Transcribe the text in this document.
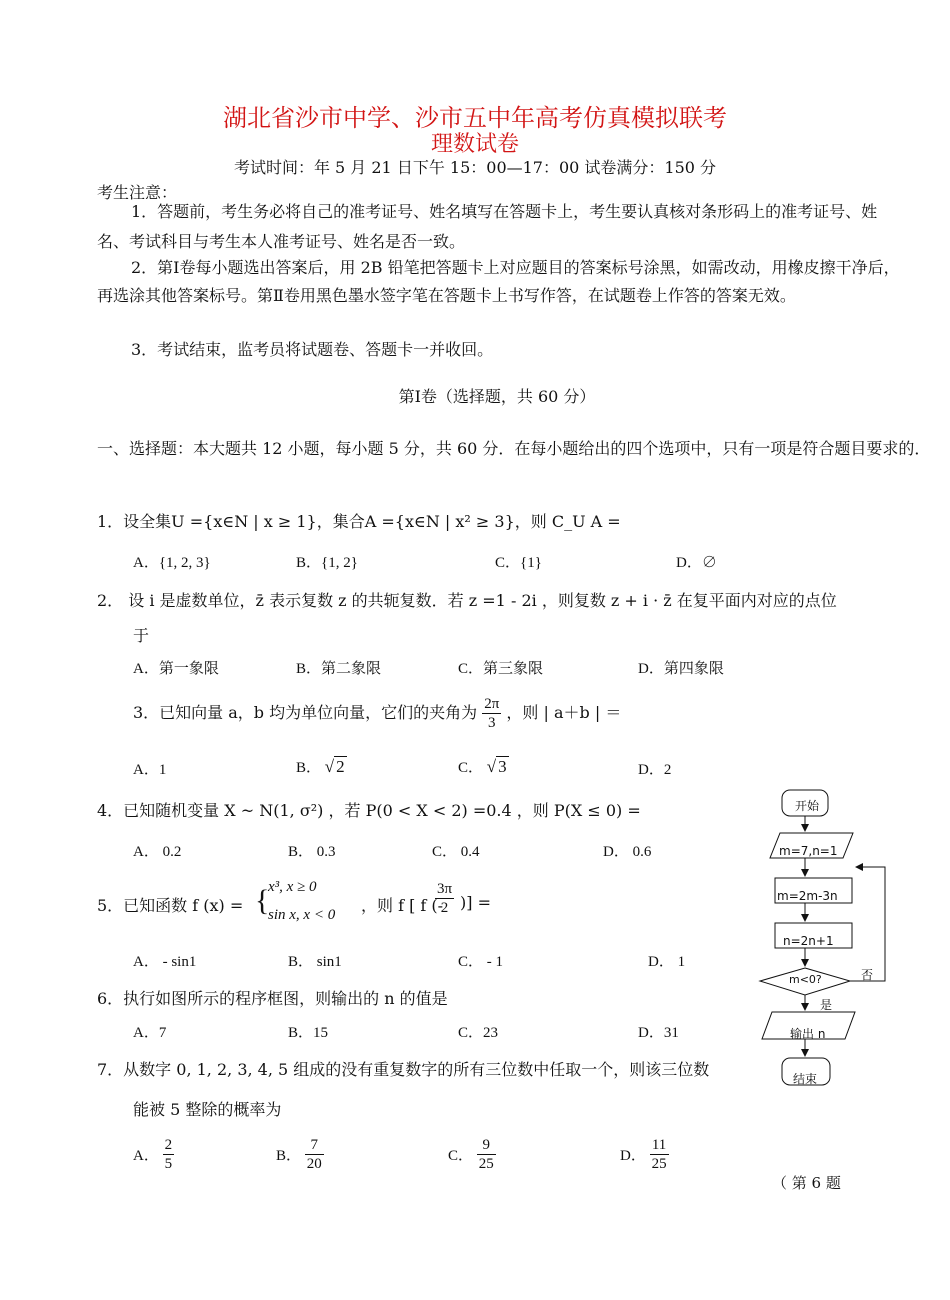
湖北省沙市中学、沙市五中年高考仿真模拟联考
理数试卷
考试时间：年 5 月 21 日下午 15：00—17：00 试卷满分：150 分
考生注意：
1．答题前，考生务必将自己的准考证号、姓名填写在答题卡上，考生要认真核对条形码上的准考证号、姓名、考试科目与考生本人准考证号、姓名是否一致。
2．第Ⅰ卷每小题选出答案后，用 2B 铅笔把答题卡上对应题目的答案标号涂黑，如需改动，用橡皮擦干净后，再选涂其他答案标号。第Ⅱ卷用黑色墨水签字笔在答题卡上书写作答，在试题卷上作答的答案无效。
3．考试结束，监考员将试题卷、答题卡一并收回。
第Ⅰ卷（选择题，共 60 分）
一、选择题：本大题共 12 小题，每小题 5 分，共 60 分．在每小题给出的四个选项中，只有一项是符合题目要求的．
1．设全集U ={x∈N | x ≥ 1}，集合A ={x∈N | x² ≥ 3}，则 C_U A =
A．{1, 2, 3}	B．{1, 2}	C．{1}	D．∅
2． 设 i 是虚数单位，z̄ 表示复数 z 的共轭复数．若 z =1 - 2i ，则复数 z + i · z̄ 在复平面内对应的点位
于
A．第一象限	B．第二象限	C．第三象限	D．第四象限
3．已知向量 a，b 均为单位向量，它们的夹角为 $\frac{2\pi}{3}$ ，则 | a＋b | ＝
A．1	B． √ 2	C． √ 3	D．2
4．已知随机变量 X ~ N(1, σ²) ，若 P(0 < X < 2) =0.4 ，则 P(X ≤ 0) =
A． 0.2	B． 0.3	C． 0.4	D． 0.6
5．已知函数 f (x) = {
x³, x ≥ 0
sin x, x < 0 ，则 f [ f (-
$\frac{3\pi}{2}$ )] =
A． - sin1	B． sin1	C． - 1	D． 1
6．执行如图所示的程序框图，则输出的 n 的值是
A．7	B．15	C．23	D．31
7．从数字 0, 1, 2, 3, 4, 5 组成的没有重复数字的所有三位数中任取一个，则该三位数
能被 5 整除的概率为
A． $\frac{2}{5}$	B． $\frac{7}{20}$	C． $\frac{9}{25}$	D． $\frac{11}{25}$
开始
m=7,n=1
m=2m-3n
n=2n+1
m<0?	否
是
输出 n
结束
（ 第 6 题
